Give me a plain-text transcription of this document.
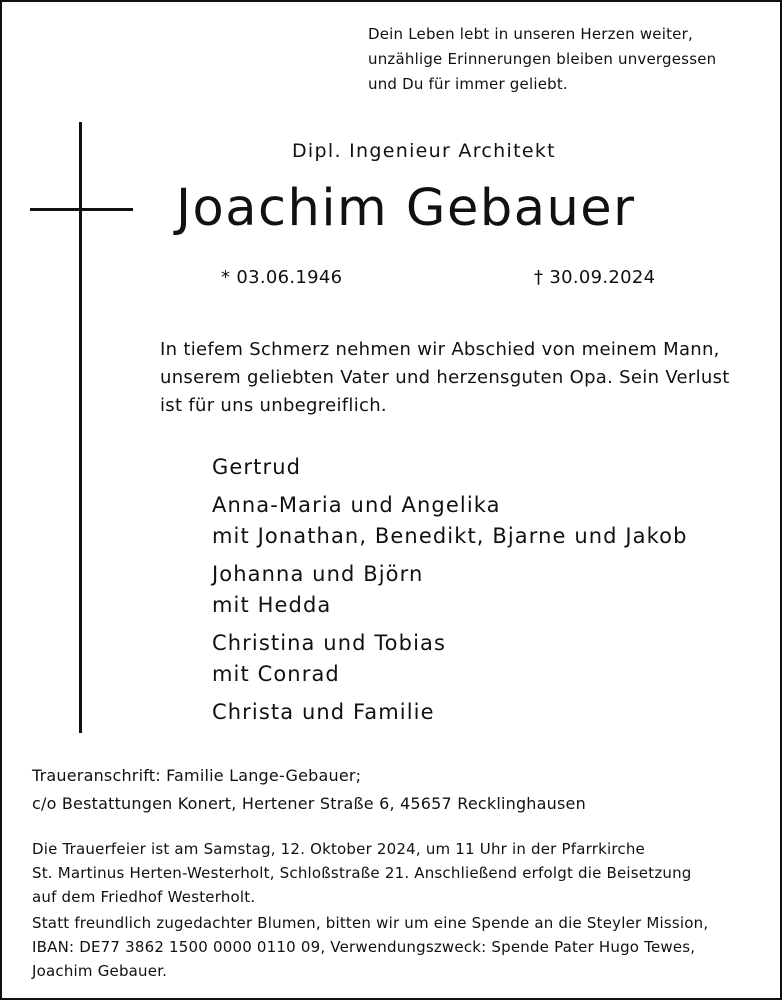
Dein Leben lebt in unseren Herzen weiter,
unzählige Erinnerungen bleiben unvergessen
und Du für immer geliebt.
Dipl. Ingenieur Architekt
Joachim Gebauer
* 03.06.1946	† 30.09.2024
In tiefem Schmerz nehmen wir Abschied von meinem Mann,
unserem geliebten Vater und herzensguten Opa. Sein Verlust
ist für uns unbegreiflich.
Gertrud
Anna-Maria und Angelika
mit Jonathan, Benedikt, Bjarne und Jakob
Johanna und Björn
mit Hedda
Christina und Tobias
mit Conrad
Christa und Familie
Traueranschrift: Familie Lange-Gebauer;
c/o Bestattungen Konert, Hertener Straße 6, 45657 Recklinghausen
Die Trauerfeier ist am Samstag, 12. Oktober 2024, um 11 Uhr in der Pfarrkirche
St. Martinus Herten-Westerholt, Schloßstraße 21. Anschließend erfolgt die Beisetzung
auf dem Friedhof Westerholt.
Statt freundlich zugedachter Blumen, bitten wir um eine Spende an die Steyler Mission,
IBAN: DE77 3862 1500 0000 0110 09, Verwendungszweck: Spende Pater Hugo Tewes,
Joachim Gebauer.
